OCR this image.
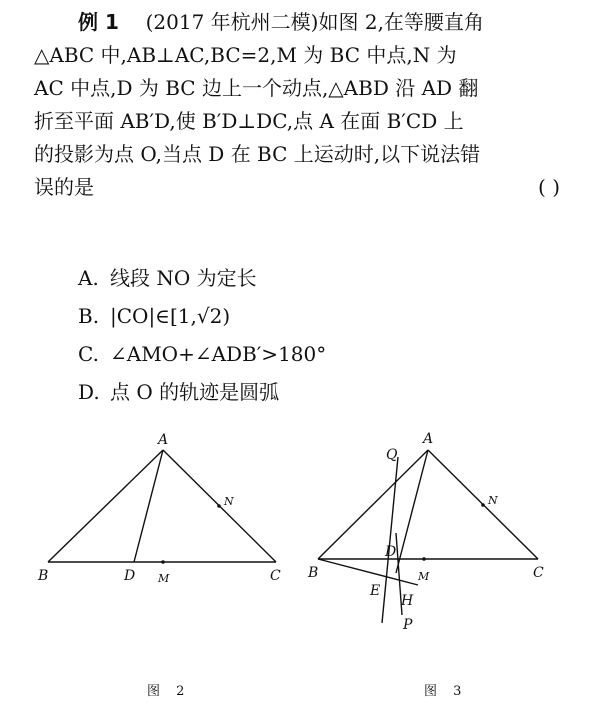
例 1 (2017 年杭州二模)如图 2,在等腰直角
△ABC 中,AB⊥AC,BC=2,M 为 BC 中点,N 为
AC 中点,D 为 BC 边上一个动点,△ABD 沿 AD 翻
折至平面 AB′D,使 B′D⊥DC,点 A 在面 B′CD 上
的投影为点 O,当点 D 在 BC 上运动时,以下说法错
误的是	( )
A. 线段 NO 为定长
B. |CO|∈[1,√2)
C. ∠AMO+∠ADB′>180°
D. 点 O 的轨迹是圆弧
A
B	C
D M
N
A
Q
B	C
D
M
N
E
H
P
图 2	图 3
